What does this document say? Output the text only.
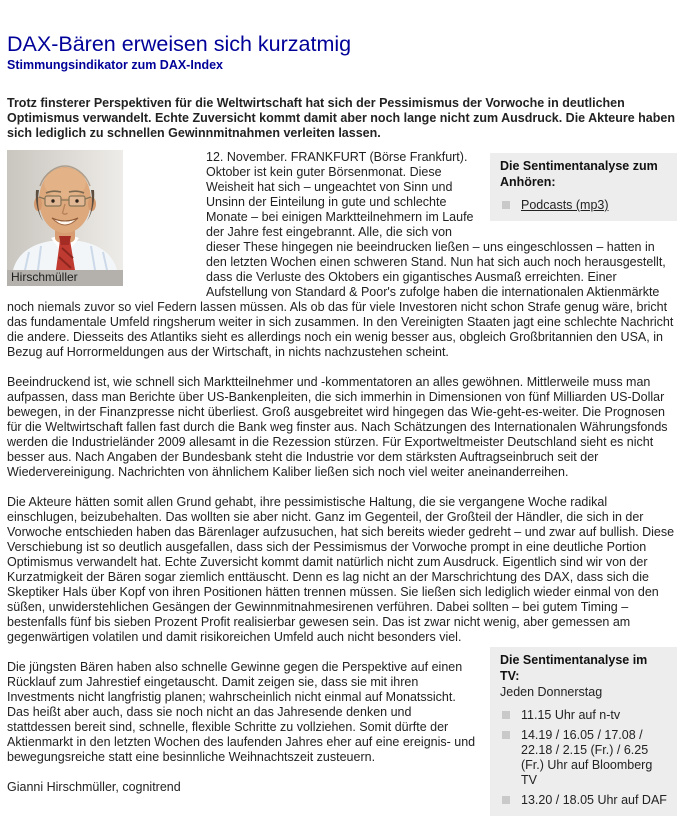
DAX-Bären erweisen sich kurzatmig
Stimmungsindikator zum DAX-Index

Trotz finsterer Perspektiven für die Weltwirtschaft hat sich der Pessimismus der Vorwoche in deutlichen Optimismus verwandelt. Echte Zuversicht kommt damit aber noch lange nicht zum Ausdruck. Die Akteure haben sich lediglich zu schnellen Gewinnmitnahmen verleiten lassen.

Hirschmüller
Die Sentimentanalyse zum Anhören:
Podcasts (mp3)

12. November. FRANKFURT (Börse Frankfurt). Oktober ist kein guter Börsenmonat. Diese Weisheit hat sich – ungeachtet von Sinn und Unsinn der Einteilung in gute und schlechte Monate – bei einigen Marktteilnehmern im Laufe der Jahre fest eingebrannt. Alle, die sich von dieser These hingegen nie beeindrucken ließen – uns eingeschlossen – hatten in den letzten Wochen einen schweren Stand. Nun hat sich auch noch herausgestellt, dass die Verluste des Oktobers ein gigantisches Ausmaß erreichten. Einer Aufstellung von Standard & Poor's zufolge haben die internationalen Aktienmärkte noch niemals zuvor so viel Federn lassen müssen. Als ob das für viele Investoren nicht schon Strafe genug wäre, bricht das fundamentale Umfeld ringsherum weiter in sich zusammen. In den Vereinigten Staaten jagt eine schlechte Nachricht die andere. Diesseits des Atlantiks sieht es allerdings noch ein wenig besser aus, obgleich Großbritannien den USA, in Bezug auf Horrormeldungen aus der Wirtschaft, in nichts nachzustehen scheint.

Beeindruckend ist, wie schnell sich Marktteilnehmer und -kommentatoren an alles gewöhnen. Mittlerweile muss man aufpassen, dass man Berichte über US-Bankenpleiten, die sich immerhin in Dimensionen von fünf Milliarden US-Dollar bewegen, in der Finanzpresse nicht überliest. Groß ausgebreitet wird hingegen das Wie-geht-es-weiter. Die Prognosen für die Weltwirtschaft fallen fast durch die Bank weg finster aus. Nach Schätzungen des Internationalen Währungsfonds werden die Industrieländer 2009 allesamt in die Rezession stürzen. Für Exportweltmeister Deutschland sieht es nicht besser aus. Nach Angaben der Bundesbank steht die Industrie vor dem stärksten Auftragseinbruch seit der Wiedervereinigung. Nachrichten von ähnlichem Kaliber ließen sich noch viel weiter aneinanderreihen.

Die Akteure hätten somit allen Grund gehabt, ihre pessimistische Haltung, die sie vergangene Woche radikal einschlugen, beizubehalten. Das wollten sie aber nicht. Ganz im Gegenteil, der Großteil der Händler, die sich in der Vorwoche entschieden haben das Bärenlager aufzusuchen, hat sich bereits wieder gedreht – und zwar auf bullish. Diese Verschiebung ist so deutlich ausgefallen, dass sich der Pessimismus der Vorwoche prompt in eine deutliche Portion Optimismus verwandelt hat. Echte Zuversicht kommt damit natürlich nicht zum Ausdruck. Eigentlich sind wir von der Kurzatmigkeit der Bären sogar ziemlich enttäuscht. Denn es lag nicht an der Marschrichtung des DAX, dass sich die Skeptiker Hals über Kopf von ihren Positionen hätten trennen müssen. Sie ließen sich lediglich wieder einmal von den süßen, unwiderstehlichen Gesängen der Gewinnmitnahmesirenen verführen. Dabei sollten – bei gutem Timing – bestenfalls fünf bis sieben Prozent Profit realisierbar gewesen sein. Das ist zwar nicht wenig, aber gemessen am gegenwärtigen volatilen und damit risikoreichen Umfeld auch nicht besonders viel.

Die Sentimentanalyse im TV:

Jeden Donnerstag

11.15 Uhr auf n-tv
14.19 / 16.05 / 17.08 / 22.18 / 2.15 (Fr.) / 6.25 (Fr.) Uhr auf Bloomberg TV
13.20 / 18.05 Uhr auf DAF

Die jüngsten Bären haben also schnelle Gewinne gegen die Perspektive auf einen Rücklauf zum Jahrestief eingetauscht. Damit zeigen sie, dass sie mit ihren Investments nicht langfristig planen; wahrscheinlich nicht einmal auf Monatssicht. Das heißt aber auch, dass sie noch nicht an das Jahresende denken und stattdessen bereit sind, schnelle, flexible Schritte zu vollziehen. Somit dürfte der Aktienmarkt in den letzten Wochen des laufenden Jahres eher auf eine ereignis- und bewegungsreiche statt eine besinnliche Weihnachtszeit zusteuern.

Gianni Hirschmüller, cognitrend
